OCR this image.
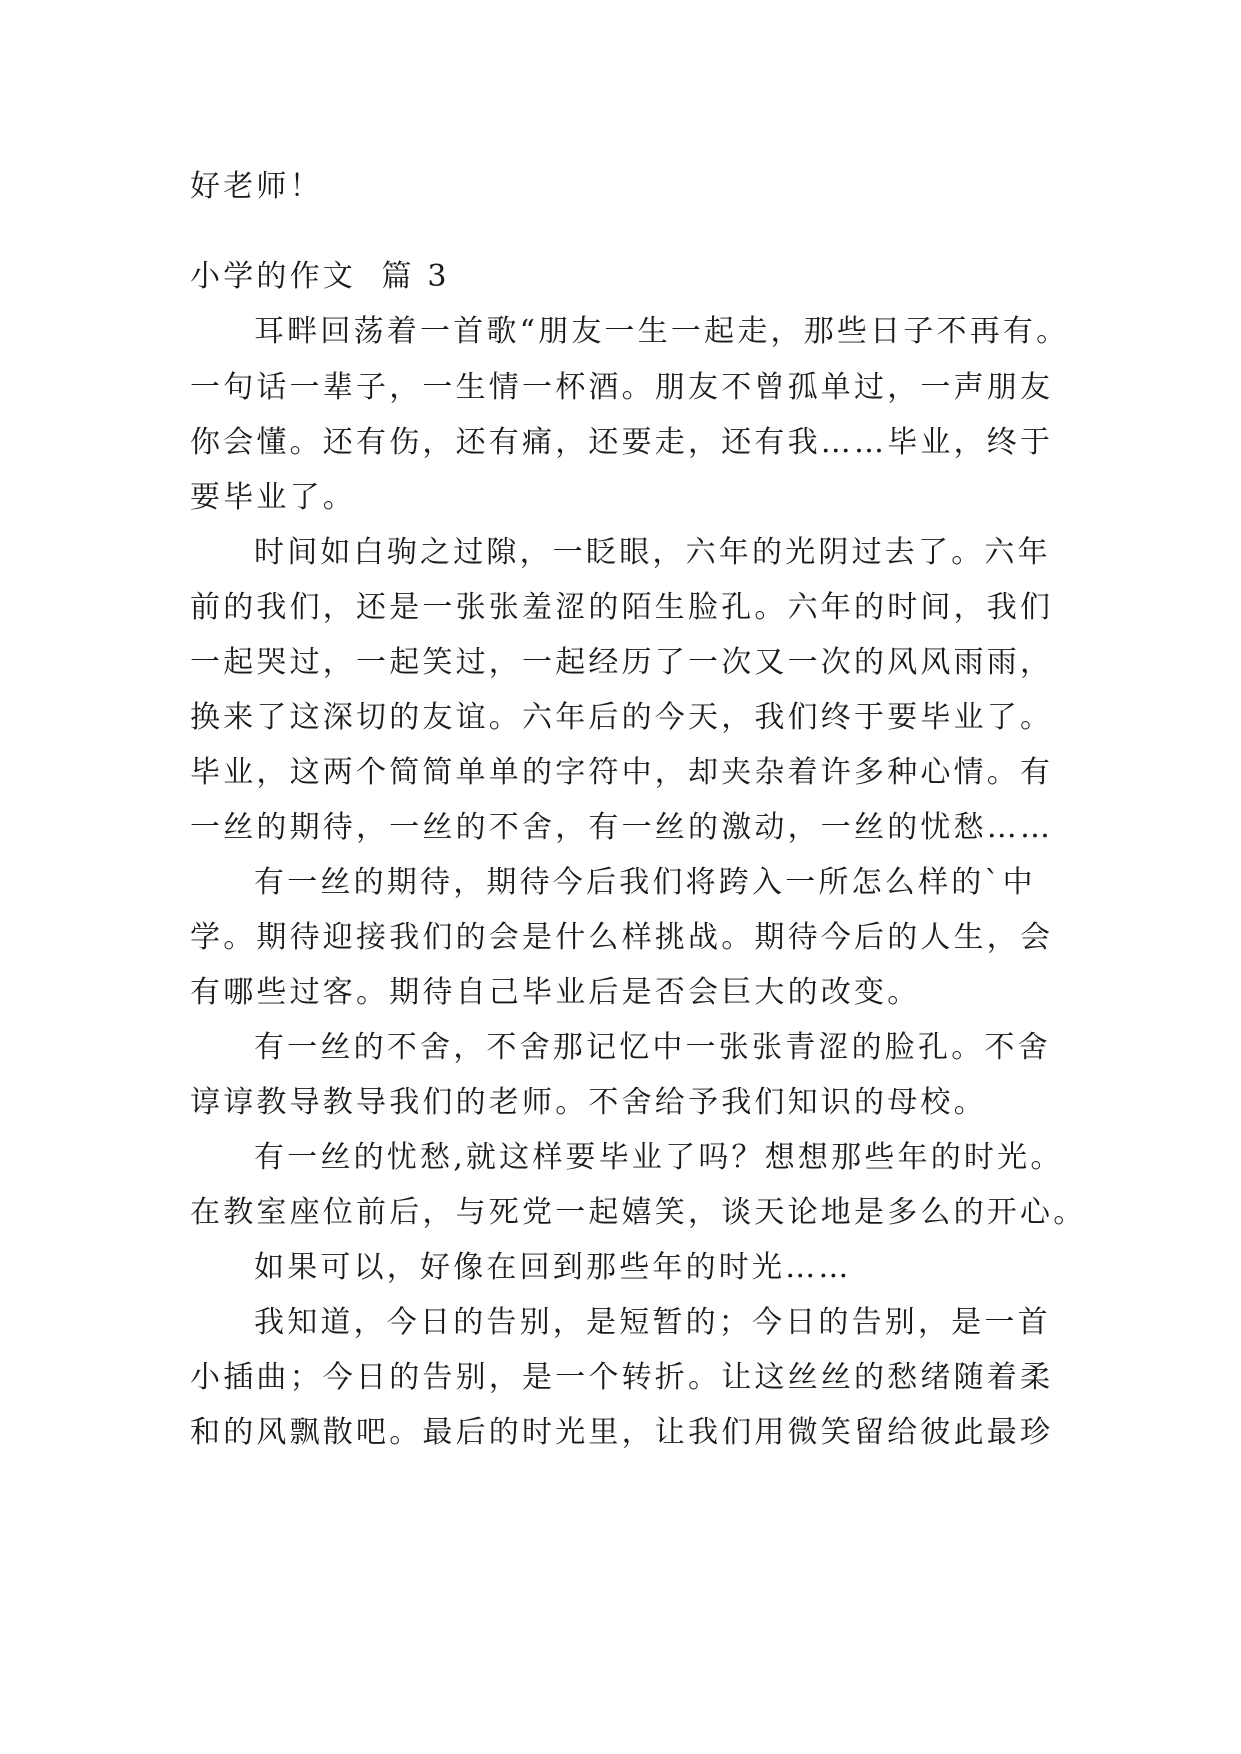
好老师！
小学的作文  篇 3
耳畔回荡着一首歌“朋友一生一起走，那些日子不再有。
一句话一辈子，一生情一杯酒。朋友不曾孤单过，一声朋友
你会懂。还有伤，还有痛，还要走，还有我……毕业，终于
要毕业了。
时间如白驹之过隙，一眨眼，六年的光阴过去了。六年
前的我们，还是一张张羞涩的陌生脸孔。六年的时间，我们
一起哭过，一起笑过，一起经历了一次又一次的风风雨雨，
换来了这深切的友谊。六年后的今天，我们终于要毕业了。
毕业，这两个简简单单的字符中，却夹杂着许多种心情。有
一丝的期待，一丝的不舍，有一丝的激动，一丝的忧愁……
有一丝的期待，期待今后我们将跨入一所怎么样的`中
学。期待迎接我们的会是什么样挑战。期待今后的人生，会
有哪些过客。期待自己毕业后是否会巨大的改变。
有一丝的不舍，不舍那记忆中一张张青涩的脸孔。不舍
谆谆教导教导我们的老师。不舍给予我们知识的母校。
有一丝的忧愁,就这样要毕业了吗？想想那些年的时光。
在教室座位前后，与死党一起嬉笑，谈天论地是多么的开心。
如果可以，好像在回到那些年的时光……
我知道，今日的告别，是短暂的；今日的告别，是一首
小插曲；今日的告别，是一个转折。让这丝丝的愁绪随着柔
和的风飘散吧。最后的时光里，让我们用微笑留给彼此最珍
